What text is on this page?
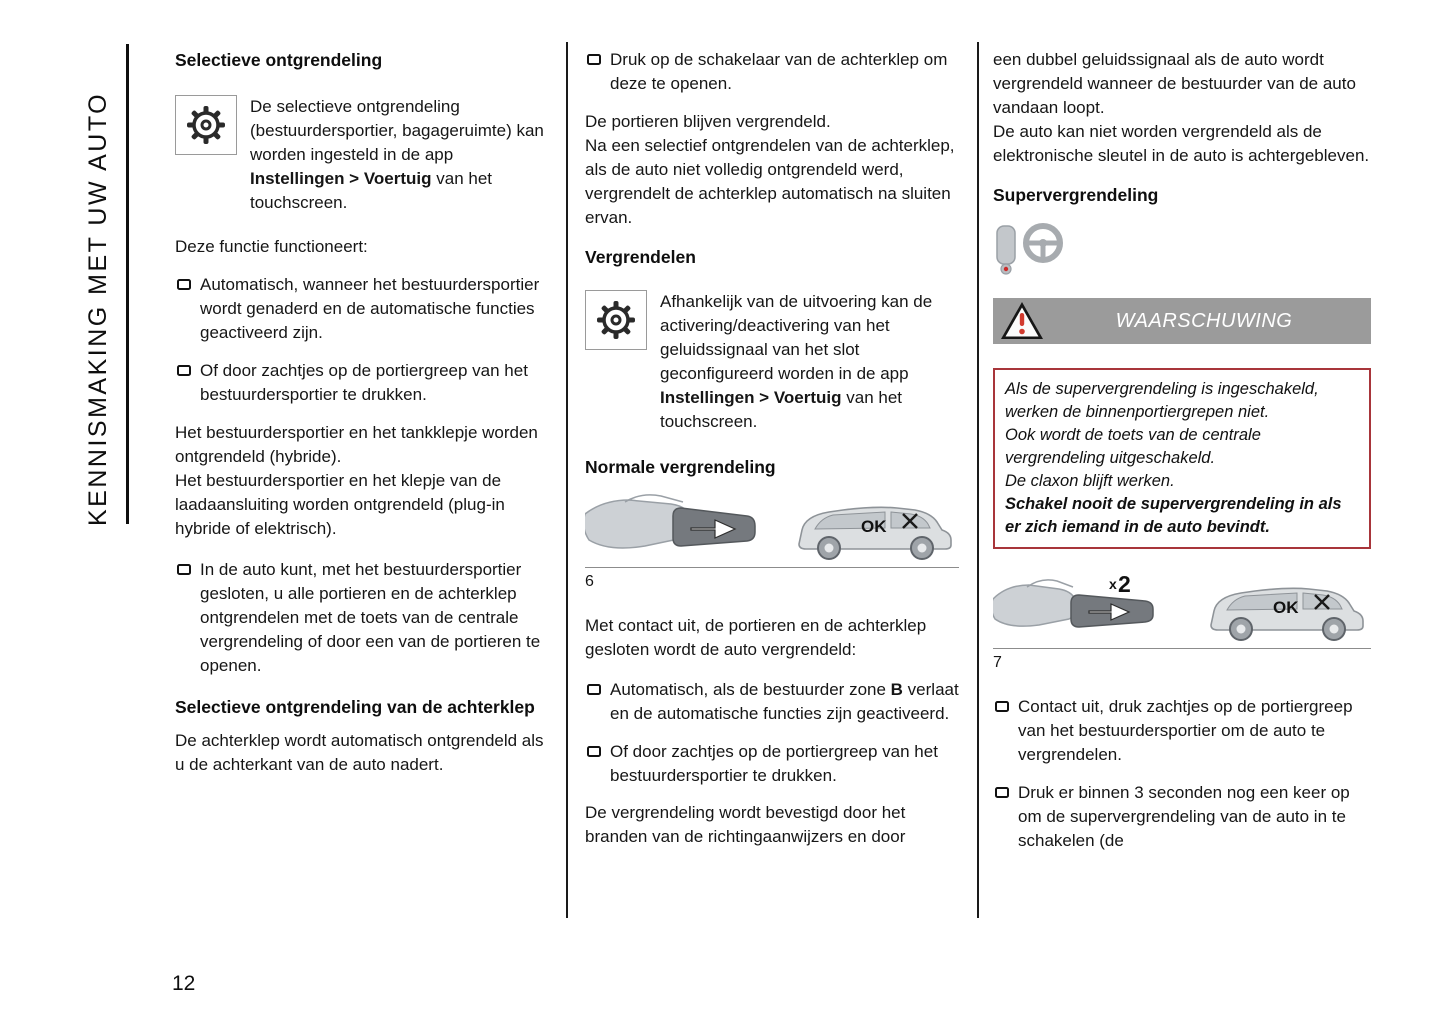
KENNISMAKING MET UW AUTO
Selectieve ontgrendeling
De selectieve ontgrendeling (bestuurdersportier, bagageruimte) kan worden ingesteld in de app Instellingen > Voertuig van het touchscreen.

Deze functie functioneert:

Automatisch, wanneer het bestuurdersportier wordt genaderd en de automatische functies geactiveerd zijn.
Of door zachtjes op de portiergreep van het bestuurdersportier te drukken.

Het bestuurdersportier en het tankklepje worden ontgrendeld (hybride).
Het bestuurdersportier en het klepje van de laadaansluiting worden ontgrendeld (plug-in hybride of elektrisch).

In de auto kunt, met het bestuurdersportier gesloten, u alle portieren en de achterklep ontgrendelen met de toets van de centrale vergrendeling of door een van de portieren te openen.
Selectieve ontgrendeling van de achterklep

De achterklep wordt automatisch ontgrendeld als u de achterkant van de auto nadert.

Druk op de schakelaar van de achterklep om deze te openen.

De portieren blijven vergrendeld.
Na een selectief ontgrendelen van de achterklep, als de auto niet volledig ontgrendeld werd, vergrendelt de achterklep automatisch na sluiten ervan.

Vergrendelen
Afhankelijk van de uitvoering kan de activering/deactivering van het geluidssignaal van het slot geconfigureerd worden in de app Instellingen > Voertuig van het touchscreen.
Normale vergrendeling
OK
6

Met contact uit, de portieren en de achterklep gesloten wordt de auto vergrendeld:

Automatisch, als de bestuurder zone B verlaat en de automatische functies zijn geactiveerd.
Of door zachtjes op de portiergreep van het bestuurdersportier te drukken.

De vergrendeling wordt bevestigd door het branden van de richtingaanwijzers en door

een dubbel geluidssignaal als de auto wordt vergrendeld wanneer de bestuurder van de auto vandaan loopt.
De auto kan niet worden vergrendeld als de elektronische sleutel in de auto is achtergebleven.

Supervergrendeling
WAARSCHUWING
Als de supervergrendeling is ingeschakeld, werken de binnenportiergrepen niet.
Ook wordt de toets van de centrale vergrendeling uitgeschakeld.
De claxon blijft werken.
Schakel nooit de supervergrendeling in als er zich iemand in de auto bevindt.
x 2
OK
7
Contact uit, druk zachtjes op de portiergreep van het bestuurdersportier om de auto te vergrendelen.
Druk er binnen 3 seconden nog een keer op om de supervergrendeling van de auto in te schakelen (de
12
